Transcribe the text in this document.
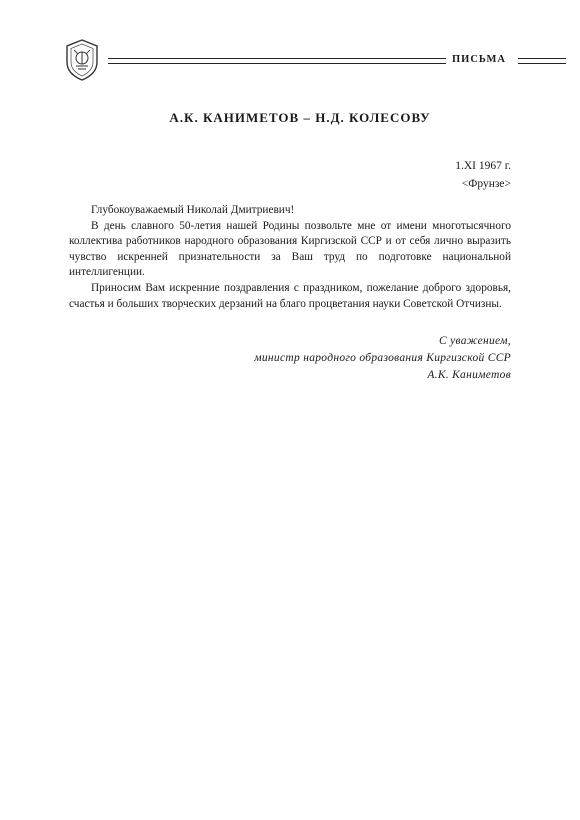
ПИСЬМА
А.К. КАНИМЕТОВ – Н.Д. КОЛЕСОВУ
1.XI 1967 г.
<Фрунзе>

Глубокоуважаемый Николай Дмитриевич!

В день славного 50-летия нашей Родины позвольте мне от имени многотысячного коллектива работников народного образования Киргизской ССР и от себя лично выразить чувство искренней признательности за Ваш труд по подготовке национальной интеллигенции.

Приносим Вам искренние поздравления с праздником, пожелание доброго здоровья, счастья и больших творческих дерзаний на благо процветания науки Советской Отчизны.

С уважением,
министр народного образования Киргизской ССР
А.К. Каниметов
